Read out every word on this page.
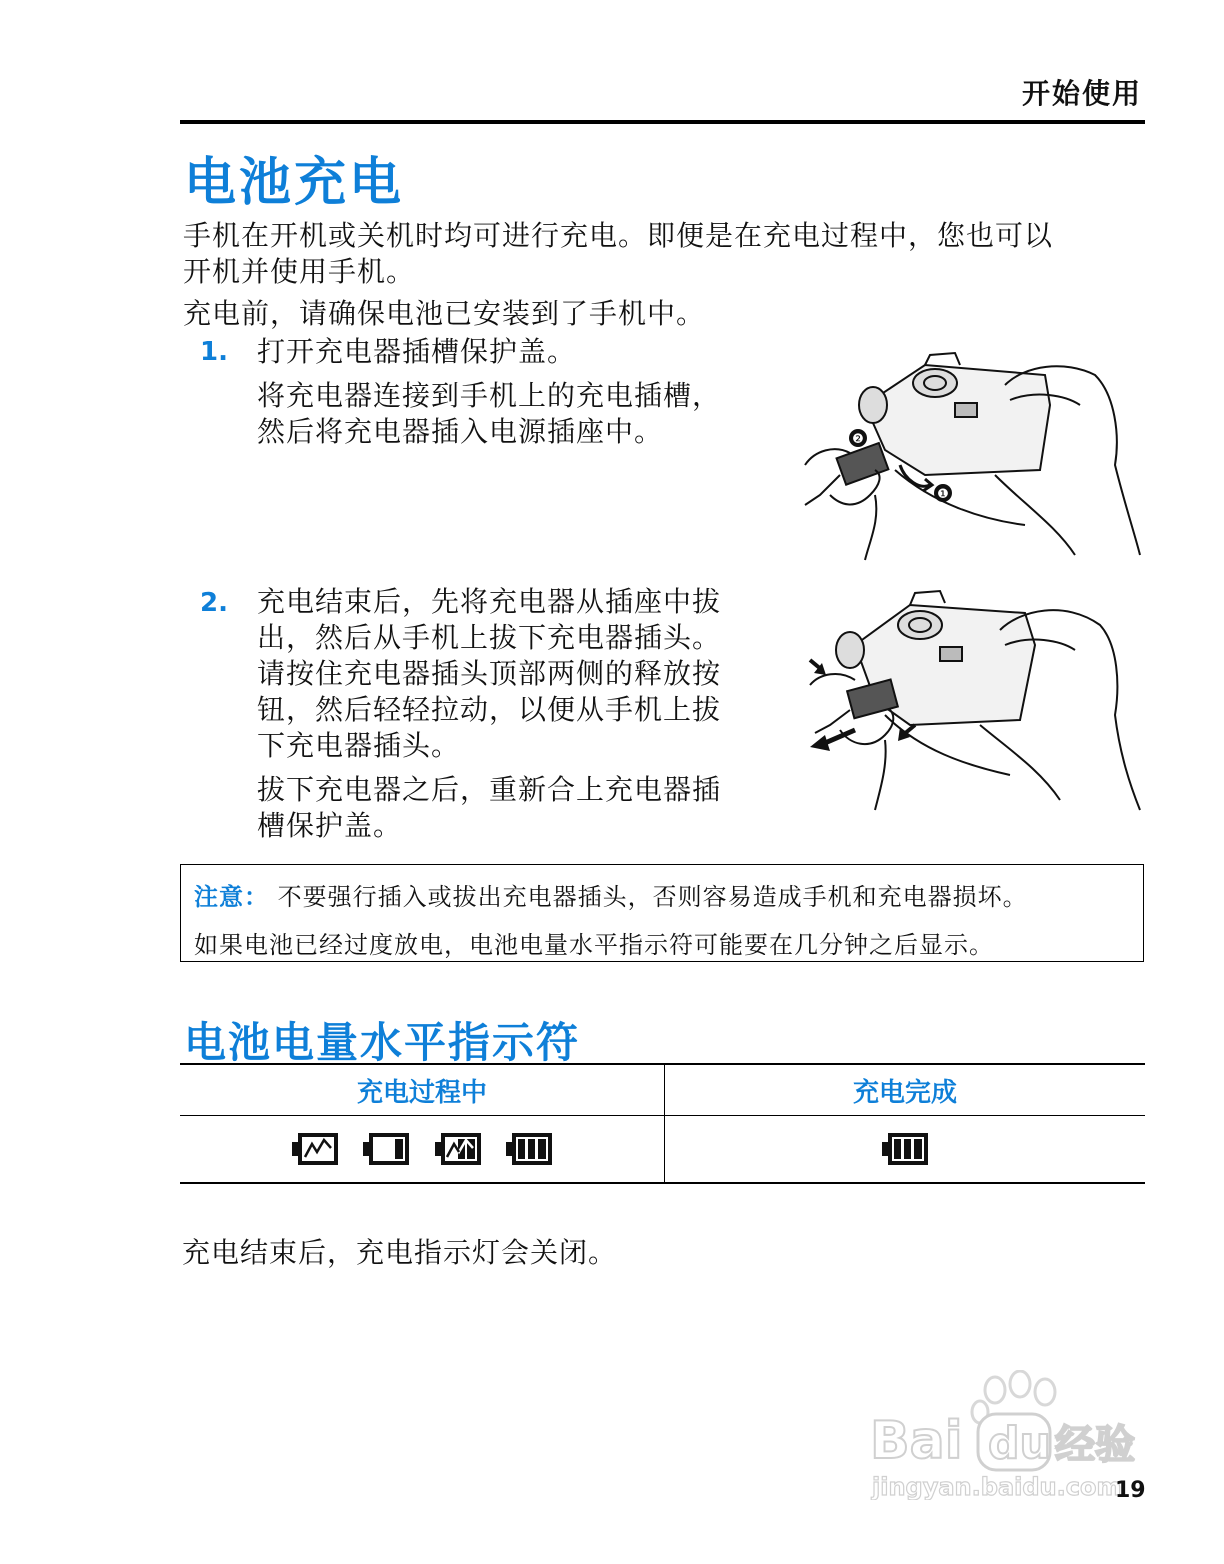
开始使用
电池充电
手机在开机或关机时均可进行充电。即便是在充电过程中，您也可以
开机并使用手机。
充电前，请确保电池已安装到了手机中。
1. 打开充电器插槽保护盖。
将充电器连接到手机上的充电插槽，
然后将充电器插入电源插座中。	❷
❶
2. 充电结束后，先将充电器从插座中拔
出，然后从手机上拔下充电器插头。
请按住充电器插头顶部两侧的释放按
钮，然后轻轻拉动，以便从手机上拔
下充电器插头。
拔下充电器之后，重新合上充电器插
槽保护盖。
注意： 不要强行插入或拔出充电器插头，否则容易造成手机和充电器损坏。
如果电池已经过度放电，电池电量水平指示符可能要在几分钟之后显示。
电池电量水平指示符
充电过程中	充电完成

充电结束后，充电指示灯会关闭。
Bai du 经验
jingyan.baidu.com
19
